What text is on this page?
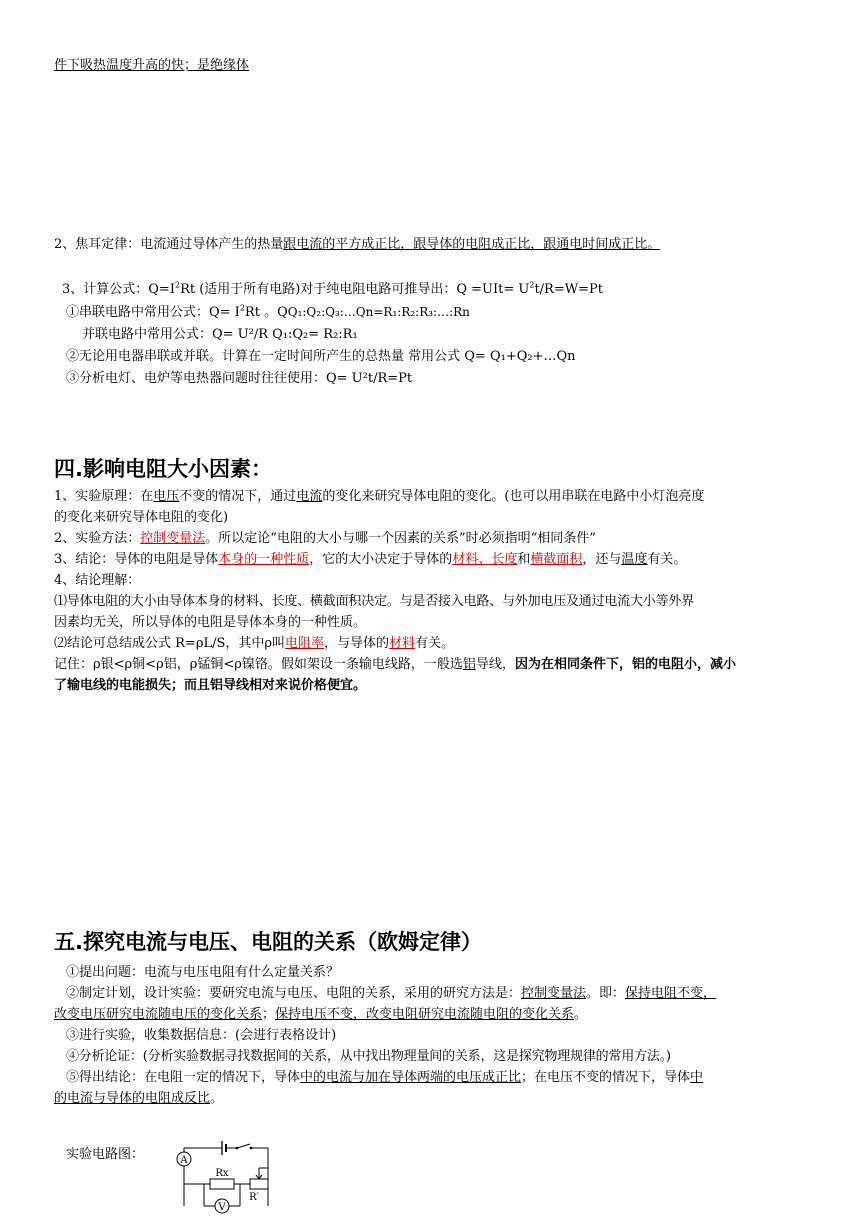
件下吸热温度升高的快；是绝缘体

2、焦耳定律：电流通过导体产生的热量跟电流的平方成正比，跟导体的电阻成正比，跟通电时间成正比。

3、计算公式：$Q=I^2Rt$ (适用于所有电路)对于纯电阻电路可推导出：$Q =UIt= U^2t/R=W=Pt$

①串联电路中常用公式：$Q= I^2Rt$ 。QQ₁:Q₂:Q₃:…Qn=R₁:R₂:R₃:…:Rn

并联电路中常用公式：Q= U²/R Q₁:Q₂= R₂:R₁

②无论用电器串联或并联。计算在一定时间所产生的总热量 常用公式 Q= Q₁+Q₂+…Qn

③分析电灯、电炉等电热器问题时往往使用：Q= U²t/R=Pt

四.影响电阻大小因素：

1、实验原理：在电压不变的情况下，通过电流的变化来研究导体电阻的变化。(也可以用串联在电路中小灯泡亮度

的变化来研究导体电阻的变化)

2、实验方法：控制变量法。所以定论“电阻的大小与哪一个因素的关系”时必须指明“相同条件”

3、结论：导体的电阻是导体本身的一种性质，它的大小决定于导体的材料、长度和横截面积，还与温度有关。

4、结论理解：

⑴导体电阻的大小由导体本身的材料、长度、横截面积决定。与是否接入电路、与外加电压及通过电流大小等外界

因素均无关，所以导体的电阻是导体本身的一种性质。

⑵结论可总结成公式 R=ρL/S，其中ρ叫电阻率，与导体的材料有关。

记住：ρ银<ρ铜<ρ铝，ρ锰铜<ρ镍铬。假如架设一条输电线路，一般选铝导线，因为在相同条件下，铝的电阻小，减小

了输电线的电能损失；而且铝导线相对来说价格便宜。

五.探究电流与电压、电阻的关系（欧姆定律）

①提出问题：电流与电压电阻有什么定量关系？

②制定计划，设计实验：要研究电流与电压、电阻的关系，采用的研究方法是：控制变量法。即：保持电阻不变，

改变电压研究电流随电压的变化关系；保持电压不变，改变电阻研究电流随电阻的变化关系。

③进行实验，收集数据信息：(会进行表格设计)

④分析论证：(分析实验数据寻找数据间的关系，从中找出物理量间的关系，这是探究物理规律的常用方法。)

⑤得出结论：在电阻一定的情况下，导体中的电流与加在导体两端的电压成正比；在电压不变的情况下，导体中

的电流与导体的电阻成反比。

实验电路图：	A
Rx
R′
V
